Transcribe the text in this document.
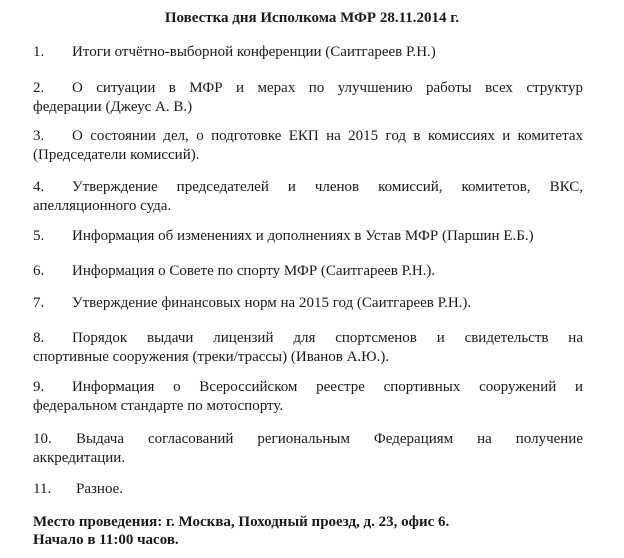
Повестка дня Исполкома МФР 28.11.2014 г.
1. Итоги отчётно-выборной конференции (Саитгареев Р.Н.)
2. О ситуации в МФР и мерах по улучшению работы всех структур
федерации (Джеус А. В.)
3. О состоянии дел, о подготовке ЕКП на 2015 год в комиссиях и комитетах
(Председатели комиссий).
4. Утверждение председателей и членов комиссий, комитетов, ВКС,
апелляционного суда.
5. Информация об изменениях и дополнениях в Устав МФР (Паршин Е.Б.)
6. Информация о Совете по спорту МФР (Саитгареев Р.Н.).
7. Утверждение финансовых норм на 2015 год (Саитгареев Р.Н.).
8. Порядок выдачи лицензий для спортсменов и свидетельств на
спортивные сооружения (треки/трассы) (Иванов А.Ю.).
9. Информация о Всероссийском реестре спортивных сооружений и
федеральном стандарте по мотоспорту.
10. Выдача согласований региональным Федерациям на получение
аккредитации.
11. Разное.
Место проведения: г. Москва, Походный проезд, д. 23, офис 6.
Начало в 11:00 часов.
